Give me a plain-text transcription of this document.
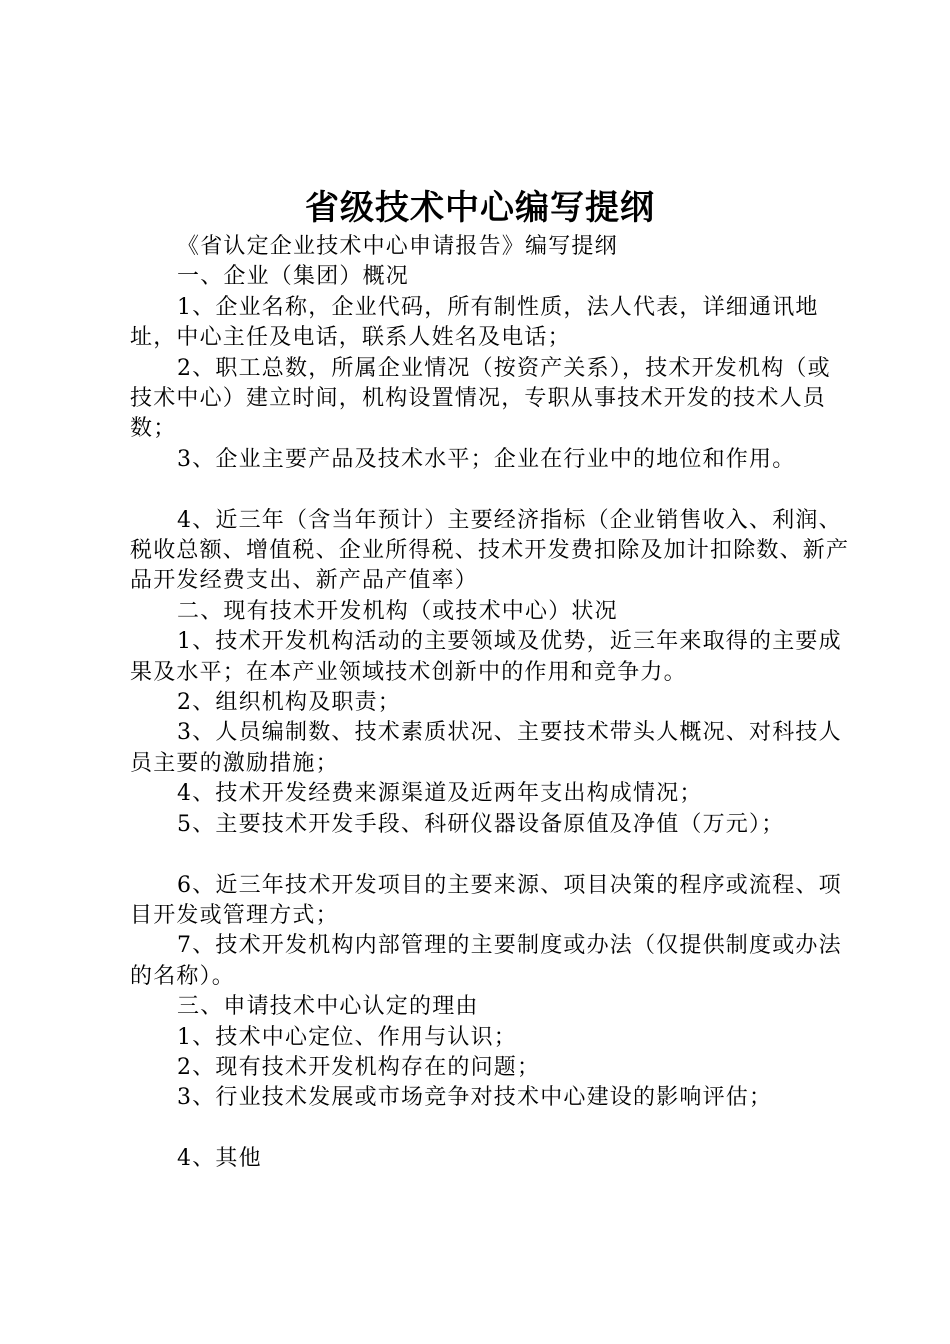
省级技术中心编写提纲

《省认定企业技术中心申请报告》编写提纲

一、企业（集团）概况

1、企业名称，企业代码，所有制性质，法人代表，详细通讯地址，中心主任及电话，联系人姓名及电话；

2、职工总数，所属企业情况（按资产关系），技术开发机构（或技术中心）建立时间，机构设置情况，专职从事技术开发的技术人员数；

3、企业主要产品及技术水平；企业在行业中的地位和作用。

4、近三年（含当年预计）主要经济指标（企业销售收入、利润、税收总额、增值税、企业所得税、技术开发费扣除及加计扣除数、新产品开发经费支出、新产品产值率）

二、现有技术开发机构（或技术中心）状况

1、技术开发机构活动的主要领域及优势，近三年来取得的主要成果及水平；在本产业领域技术创新中的作用和竞争力。

2、组织机构及职责；

3、人员编制数、技术素质状况、主要技术带头人概况、对科技人员主要的激励措施；

4、技术开发经费来源渠道及近两年支出构成情况；

5、主要技术开发手段、科研仪器设备原值及净值（万元）；

6、近三年技术开发项目的主要来源、项目决策的程序或流程、项目开发或管理方式；

7、技术开发机构内部管理的主要制度或办法（仅提供制度或办法的名称）。

三、申请技术中心认定的理由

1、技术中心定位、作用与认识；

2、现有技术开发机构存在的问题；

3、行业技术发展或市场竞争对技术中心建设的影响评估；

4、其他
